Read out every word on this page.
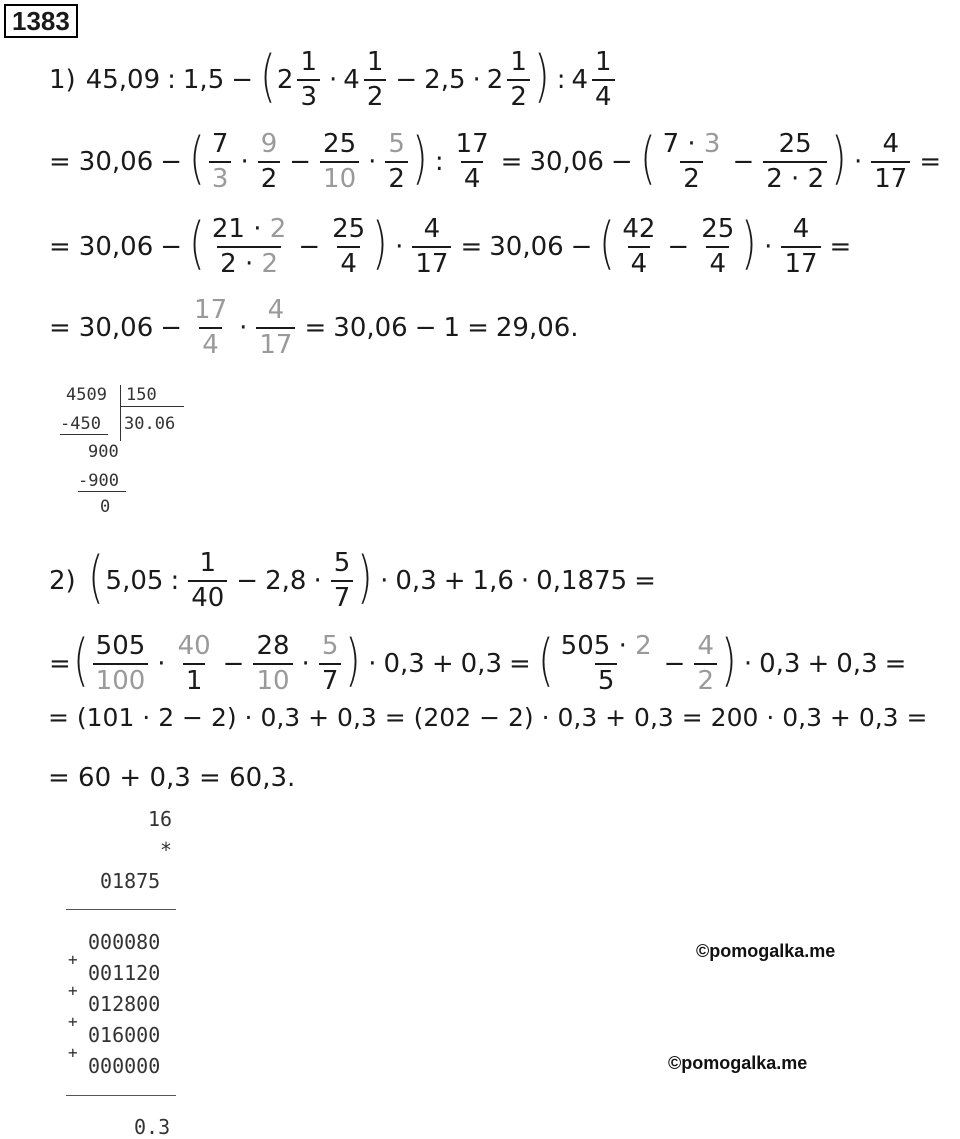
1383
1) 45,09 : 1,5 − ( $2 \frac{1}{3} \cdot 4 \frac{1}{2} - 2,5 \cdot 2 \frac{1}{2}$ ) : $4 \frac{1}{4}$
= 30,06 − ( $\frac{7}{3} \cdot \frac{9}{2} - \frac{25}{10} \cdot \frac{5}{2}$ ) : $\frac{17}{4} = 30,06$ − ( 7
·
3
$2 - \frac{25}{2 \cdot 2}$ ) · $\frac{4}{17}$ =
= 30,06 − ( 21
·
2
2
·
$2 - \frac{25}{4}$ ) · $\frac{4}{17} = 30,06$ − ( $\frac{42}{4} - \frac{25}{4}$ ) · $\frac{4}{17}$ =
= $30,06 - \frac{17}{4} \cdot \frac{4}{17} = 30,06 - 1 = 29,06$.
4509 150
-450 30.06
900
-900
0
2) ( 5,05 : $\frac{1}{40} - 2,8 \cdot \frac{5}{7}$ ) · 0,3 + 1,6 · 0,1875 =
= ( $\frac{505}{100} \cdot \frac{40}{1} - \frac{28}{10} \cdot \frac{5}{7}$ ) · 0,3 + 0,3 = ( 505
·
2
$5 - \frac{4}{2}$ ) · 0,3 + 0,3 =
= (101 · 2 − 2) · 0,3 + 0,3 = (202 − 2) · 0,3 + 0,3 = 200 · 0,3 + 0,3 =
= 60 + 0,3 = 60,3.
16
*
01875
000080
+
001120
+
012800
+
016000
+
000000
0.3
©pomogalka.me
©pomogalka.me
